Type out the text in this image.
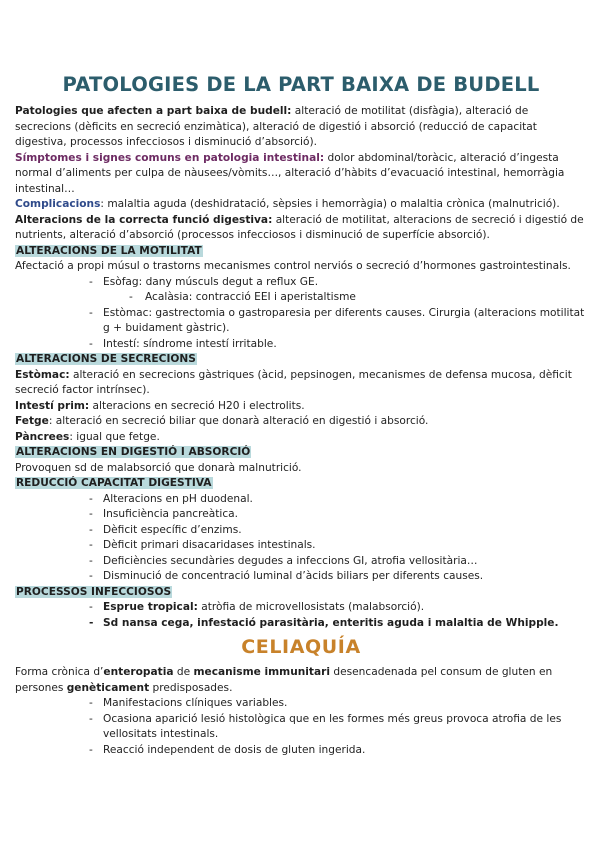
PATOLOGIES DE LA PART BAIXA DE BUDELL

Patologies que afecten a part baixa de budell: alteració de motilitat (disfàgia), alteració de secrecions (dèficits en secreció enzimàtica), alteració de digestió i absorció (reducció de capacitat digestiva, processos infecciosos i disminució d’absorció).

Símptomes i signes comuns en patologia intestinal: dolor abdominal/toràcic, alteració d’ingesta normal d’aliments per culpa de nàusees/vòmits…, alteració d’hàbits d’evacuació intestinal, hemorràgia intestinal…

Complicacions: malaltia aguda (deshidratació, sèpsies i hemorràgia) o malaltia crònica (malnutrició).

Alteracions de la correcta funció digestiva: alteració de motilitat, alteracions de secreció i digestió de nutrients, alteració d’absorció (processos infecciosos i disminució de superfície absorció).

ALTERACIONS DE LA MOTILITAT

Afectació a propi músul o trastorns mecanismes control nerviós o secreció d’hormones gastrointestinals.

- Esòfag: dany músculs degut a reflux GE.
- Acalàsia: contracció EEI i aperistaltisme
- Estòmac: gastrectomia o gastroparesia per diferents causes. Cirurgia (alteracions motilitat g + buidament gàstric).
- Intestí: síndrome intestí irritable.

ALTERACIONS DE SECRECIONS

Estòmac: alteració en secrecions gàstriques (àcid, pepsinogen, mecanismes de defensa mucosa, dèficit secreció factor intrínsec).

Intestí prim: alteracions en secreció H20 i electrolits.

Fetge: alteració en secreció biliar que donarà alteració en digestió i absorció.

Pàncrees: igual que fetge.

ALTERACIONS EN DIGESTIÓ I ABSORCIÓ

Provoquen sd de malabsorció que donarà malnutrició.

REDUCCIÓ CAPACITAT DIGESTIVA

- Alteracions en pH duodenal.
- Insuficiència pancreàtica.
- Dèficit específic d’enzims.
- Dèficit primari disacaridases intestinals.
- Deficiències secundàries degudes a infeccions GI, atrofia vellositària…
- Disminució de concentració luminal d’àcids biliars per diferents causes.

PROCESSOS INFECCIOSOS

- Esprue tropical: atròfia de microvellosistats (malabsorció).
- Sd nansa cega, infestació parasitària, enteritis aguda i malaltia de Whipple.
CELIAQUÍA

Forma crònica d’enteropatia de mecanisme immunitari desencadenada pel consum de gluten en persones genèticament predisposades.

- Manifestacions clíniques variables.
- Ocasiona aparició lesió histològica que en les formes més greus provoca atrofia de les vellositats intestinals.
- Reacció independent de dosis de gluten ingerida.
